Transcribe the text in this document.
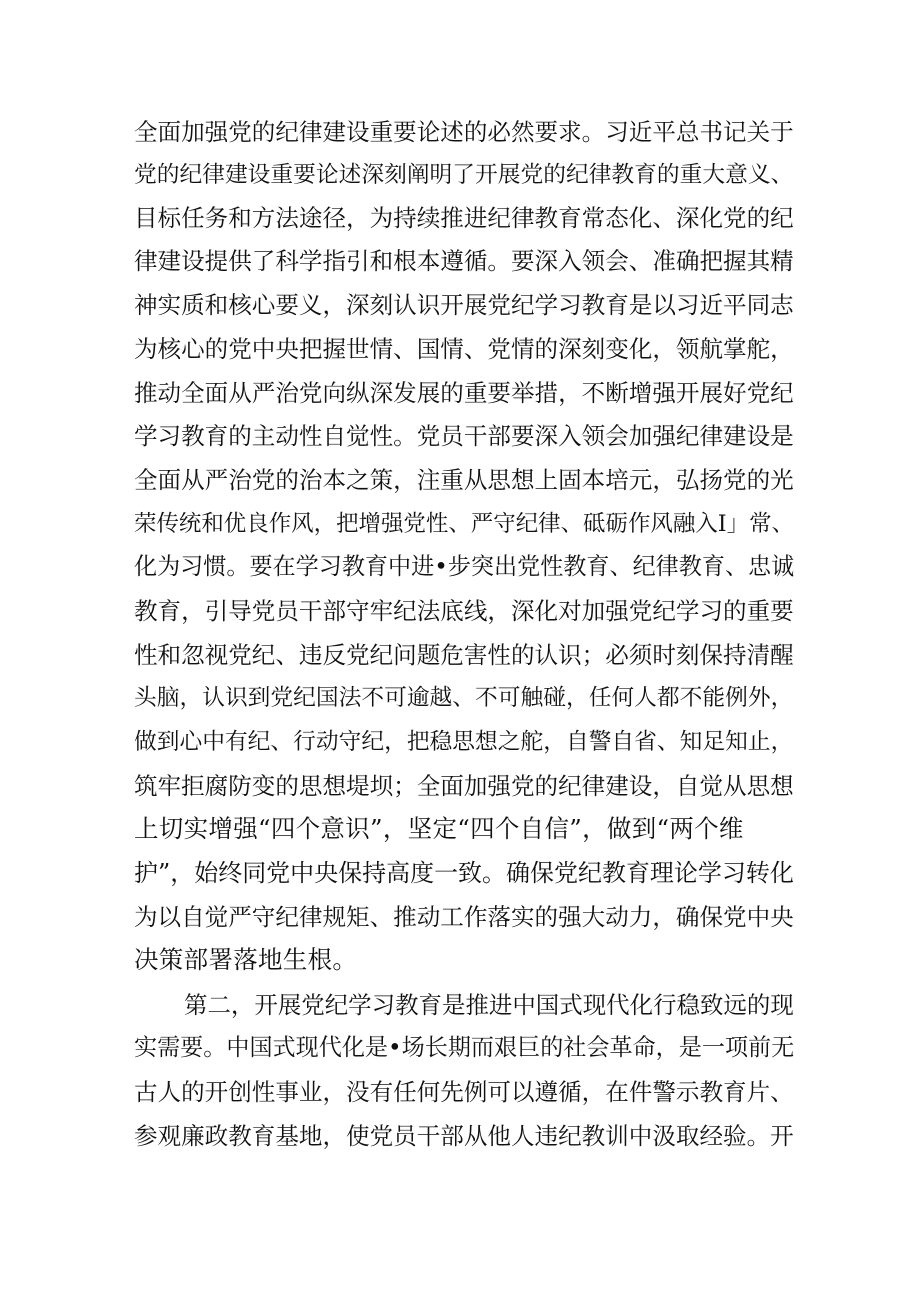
全面加强党的纪律建设重要论述的必然要求。习近平总书记关于
党的纪律建设重要论述深刻阐明了开展党的纪律教育的重大意义、
目标任务和方法途径，为持续推进纪律教育常态化、深化党的纪
律建设提供了科学指引和根本遵循。要深入领会、准确把握其精
神实质和核心要义，深刻认识开展党纪学习教育是以习近平同志
为核心的党中央把握世情、国情、党情的深刻变化，领航掌舵，
推动全面从严治党向纵深发展的重要举措，不断增强开展好党纪
学习教育的主动性自觉性。党员干部要深入领会加强纪律建设是
全面从严治党的治本之策，注重从思想上固本培元，弘扬党的光
荣传统和优良作风，把增强党性、严守纪律、砥砺作风融入I」常、
化为习惯。要在学习教育中进•步突出党性教育、纪律教育、忠诚
教育，引导党员干部守牢纪法底线，深化对加强党纪学习的重要
性和忽视党纪、违反党纪问题危害性的认识；必须时刻保持清醒
头脑，认识到党纪国法不可逾越、不可触碰，任何人都不能例外，
做到心中有纪、行动守纪，把稳思想之舵，自警自省、知足知止，
筑牢拒腐防变的思想堤坝；全面加强党的纪律建设，自觉从思想
上切实增强“四个意识”，坚定“四个自信”，做到“两个维
护”，始终同党中央保持高度一致。确保党纪教育理论学习转化
为以自觉严守纪律规矩、推动工作落实的强大动力，确保党中央
决策部署落地生根。
第二，开展党纪学习教育是推进中国式现代化行稳致远的现
实需要。中国式现代化是•场长期而艰巨的社会革命，是一项前无
古人的开创性事业，没有任何先例可以遵循，在件警示教育片、
参观廉政教育基地，使党员干部从他人违纪教训中汲取经验。开
